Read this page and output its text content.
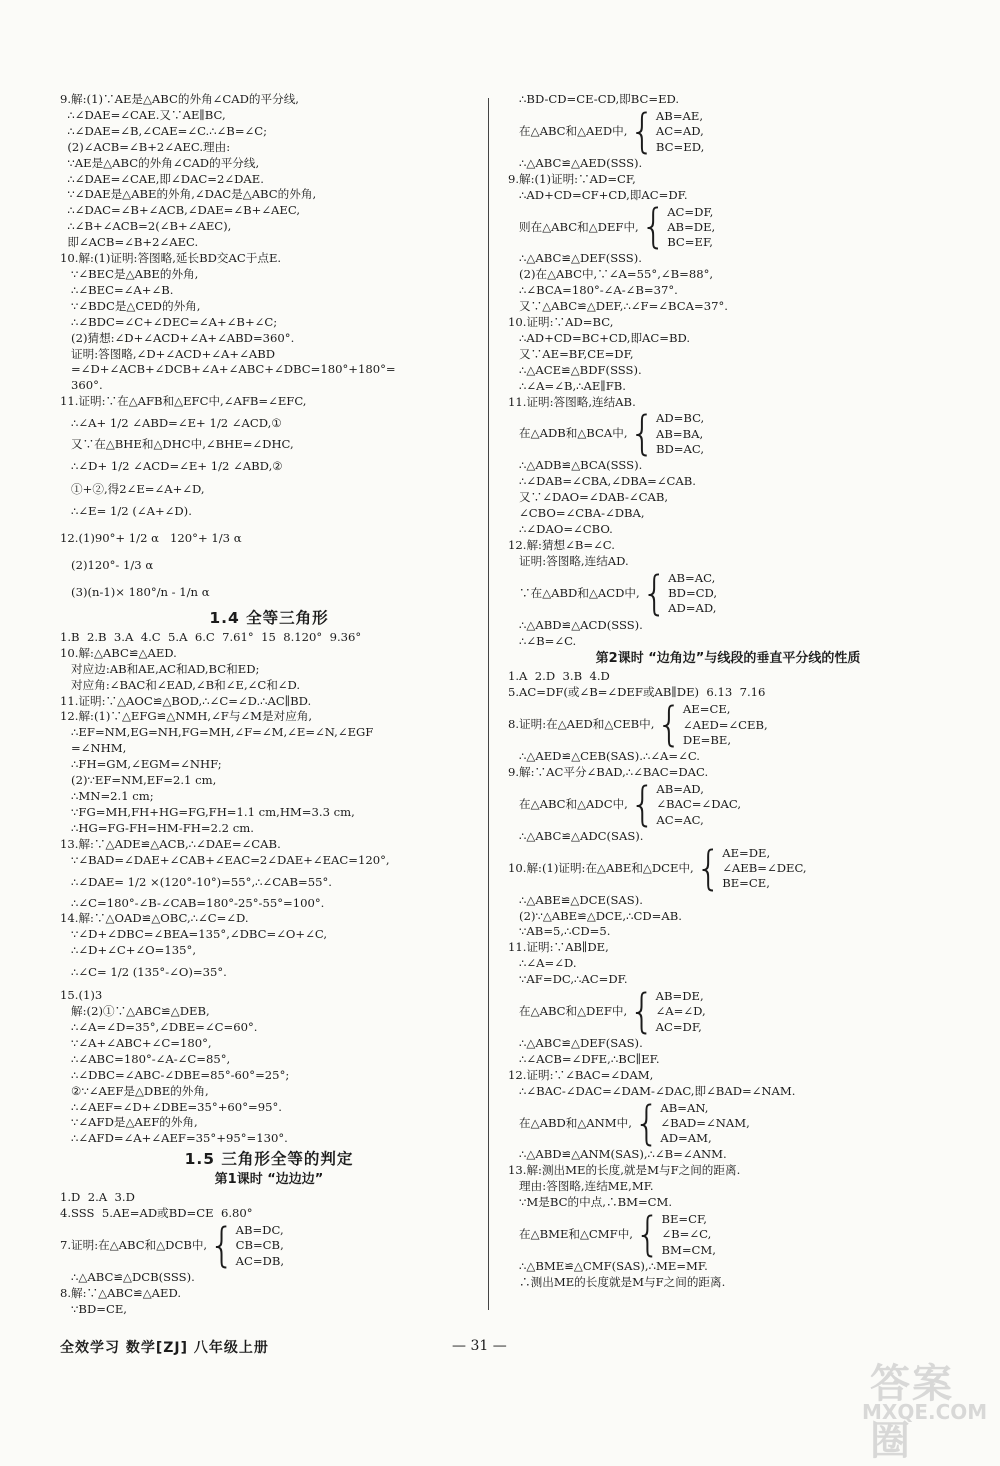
9.解:(1)∵AE是△ABC的外角∠CAD的平分线,
∴∠DAE=∠CAE.又∵AE∥BC,
∴∠DAE=∠B,∠CAE=∠C.∴∠B=∠C;
(2)∠ACB=∠B+2∠AEC.理由:
∵AE是△ABC的外角∠CAD的平分线,
∴∠DAE=∠CAE,即∠DAC=2∠DAE.
∵∠DAE是△ABE的外角,∠DAC是△ABC的外角,
∴∠DAC=∠B+∠ACB,∠DAE=∠B+∠AEC,
∴∠B+∠ACB=2(∠B+∠AEC),
即∠ACB=∠B+2∠AEC.
10.解:(1)证明:答图略,延长BD交AC于点E.
∵∠BEC是△ABE的外角,
∴∠BEC=∠A+∠B.
∵∠BDC是△CED的外角,
∴∠BDC=∠C+∠DEC=∠A+∠B+∠C;
(2)猜想:∠D+∠ACD+∠A+∠ABD=360°.
证明:答图略,∠D+∠ACD+∠A+∠ABD
=∠D+∠ACB+∠DCB+∠A+∠ABC+∠DBC=180°+180°=
360°.
11.证明:∵在△AFB和△EFC中,∠AFB=∠EFC,
∴∠A+ 1/2 ∠ABD=∠E+ 1/2 ∠ACD,①
又∵在△BHE和△DHC中,∠BHE=∠DHC,
∴∠D+ 1/2 ∠ACD=∠E+ 1/2 ∠ABD,②
①+②,得2∠E=∠A+∠D,
∴∠E= 1/2 (∠A+∠D).
12.(1)90°+ 1/2 α   120°+ 1/3 α
(2)120°- 1/3 α
(3)(n-1)× 180°/n - 1/n α
1.4 全等三角形
1.B  2.B  3.A  4.C  5.A  6.C  7.61°  15  8.120°  9.36°
10.解:△ABC≌△AED.
对应边:AB和AE,AC和AD,BC和ED;
对应角:∠BAC和∠EAD,∠B和∠E,∠C和∠D.
11.证明:∵△AOC≌△BOD,∴∠C=∠D.∴AC∥BD.
12.解:(1)∵△EFG≌△NMH,∠F与∠M是对应角,
∴EF=NM,EG=NH,FG=MH,∠F=∠M,∠E=∠N,∠EGF
=∠NHM,
∴FH=GM,∠EGM=∠NHF;
(2)∵EF=NM,EF=2.1 cm,
∴MN=2.1 cm;
∵FG=MH,FH+HG=FG,FH=1.1 cm,HM=3.3 cm,
∴HG=FG-FH=HM-FH=2.2 cm.
13.解:∵△ADE≌△ACB,∴∠DAE=∠CAB.
∵∠BAD=∠DAE+∠CAB+∠EAC=2∠DAE+∠EAC=120°,
∴∠DAE= 1/2 ×(120°-10°)=55°,∴∠CAB=55°.
∴∠C=180°-∠B-∠CAB=180°-25°-55°=100°.
14.解:∵△OAD≌△OBC,∴∠C=∠D.
∵∠D+∠DBC=∠BEA=135°,∠DBC=∠O+∠C,
∴∠D+∠C+∠O=135°,
∴∠C= 1/2 (135°-∠O)=35°.
15.(1)3
解:(2)①∵△ABC≌△DEB,
∴∠A=∠D=35°,∠DBE=∠C=60°.
∵∠A+∠ABC+∠C=180°,
∴∠ABC=180°-∠A-∠C=85°,
∴∠DBC=∠ABC-∠DBE=85°-60°=25°;
②∵∠AEF是△DBE的外角,
∴∠AEF=∠D+∠DBE=35°+60°=95°.
∵∠AFD是△AEF的外角,
∴∠AFD=∠A+∠AEF=35°+95°=130°.
1.5 三角形全等的判定
第1课时 “边边边”
1.D  2.A  3.D
4.SSS  5.AE=AD或BD=CE  6.80°
7.证明:在△ABC和△DCB中, { AB=DC,
CB=CB,
AC=DB,
∴△ABC≌△DCB(SSS).
8.解:∵△ABC≌△AED.
∵BD=CE,
∴BD-CD=CE-CD,即BC=ED.
在△ABC和△AED中, { AB=AE,
AC=AD,
BC=ED,
∴△ABC≌△AED(SSS).
9.解:(1)证明:∵AD=CF,
∴AD+CD=CF+CD,即AC=DF.
则在△ABC和△DEF中, { AC=DF,
AB=DE,
BC=EF,
∴△ABC≌△DEF(SSS).
(2)在△ABC中,∵∠A=55°,∠B=88°,
∴∠BCA=180°-∠A-∠B=37°.
又∵△ABC≌△DEF,∴∠F=∠BCA=37°.
10.证明:∵AD=BC,
∴AD+CD=BC+CD,即AC=BD.
又∵AE=BF,CE=DF,
∴△ACE≌△BDF(SSS).
∴∠A=∠B,∴AE∥FB.
11.证明:答图略,连结AB.
在△ADB和△BCA中, { AD=BC,
AB=BA,
BD=AC,
∴△ADB≌△BCA(SSS).
∴∠DAB=∠CBA,∠DBA=∠CAB.
又∵∠DAO=∠DAB-∠CAB,
∠CBO=∠CBA-∠DBA,
∴∠DAO=∠CBO.
12.解:猜想∠B=∠C.
证明:答图略,连结AD.
∵在△ABD和△ACD中, { AB=AC,
BD=CD,
AD=AD,
∴△ABD≌△ACD(SSS).
∴∠B=∠C.
第2课时 “边角边”与线段的垂直平分线的性质
1.A  2.D  3.B  4.D
5.AC=DF(或∠B=∠DEF或AB∥DE)  6.13  7.16
8.证明:在△AED和△CEB中, { AE=CE,
∠AED=∠CEB,
DE=BE,
∴△AED≌△CEB(SAS).∴∠A=∠C.
9.解:∵AC平分∠BAD,∴∠BAC=DAC.
在△ABC和△ADC中, { AB=AD,
∠BAC=∠DAC,
AC=AC,
∴△ABC≌△ADC(SAS).
10.解:(1)证明:在△ABE和△DCE中, { AE=DE,
∠AEB=∠DEC,
BE=CE,
∴△ABE≌△DCE(SAS).
(2)∵△ABE≌△DCE,∴CD=AB.
∵AB=5,∴CD=5.
11.证明:∵AB∥DE,
∴∠A=∠D.
∵AF=DC,∴AC=DF.
在△ABC和△DEF中, { AB=DE,
∠A=∠D,
AC=DF,
∴△ABC≌△DEF(SAS).
∴∠ACB=∠DFE,∴BC∥EF.
12.证明:∵∠BAC=∠DAM,
∴∠BAC-∠DAC=∠DAM-∠DAC,即∠BAD=∠NAM.
在△ABD和△ANM中, { AB=AN,
∠BAD=∠NAM,
AD=AM,
∴△ABD≌△ANM(SAS),∴∠B=∠ANM.
13.解:测出ME的长度,就是M与F之间的距离.
理由:答图略,连结ME,MF.
∵M是BC的中点,∴BM=CM.
在△BME和△CMF中, { BE=CF,
∠B=∠C,
BM=CM,
∴△BME≌△CMF(SAS),∴ME=MF.
∴测出ME的长度就是M与F之间的距离.
全效学习 数学[ZJ] 八年级上册	— 31 —
答案圈
MXQE.COM
